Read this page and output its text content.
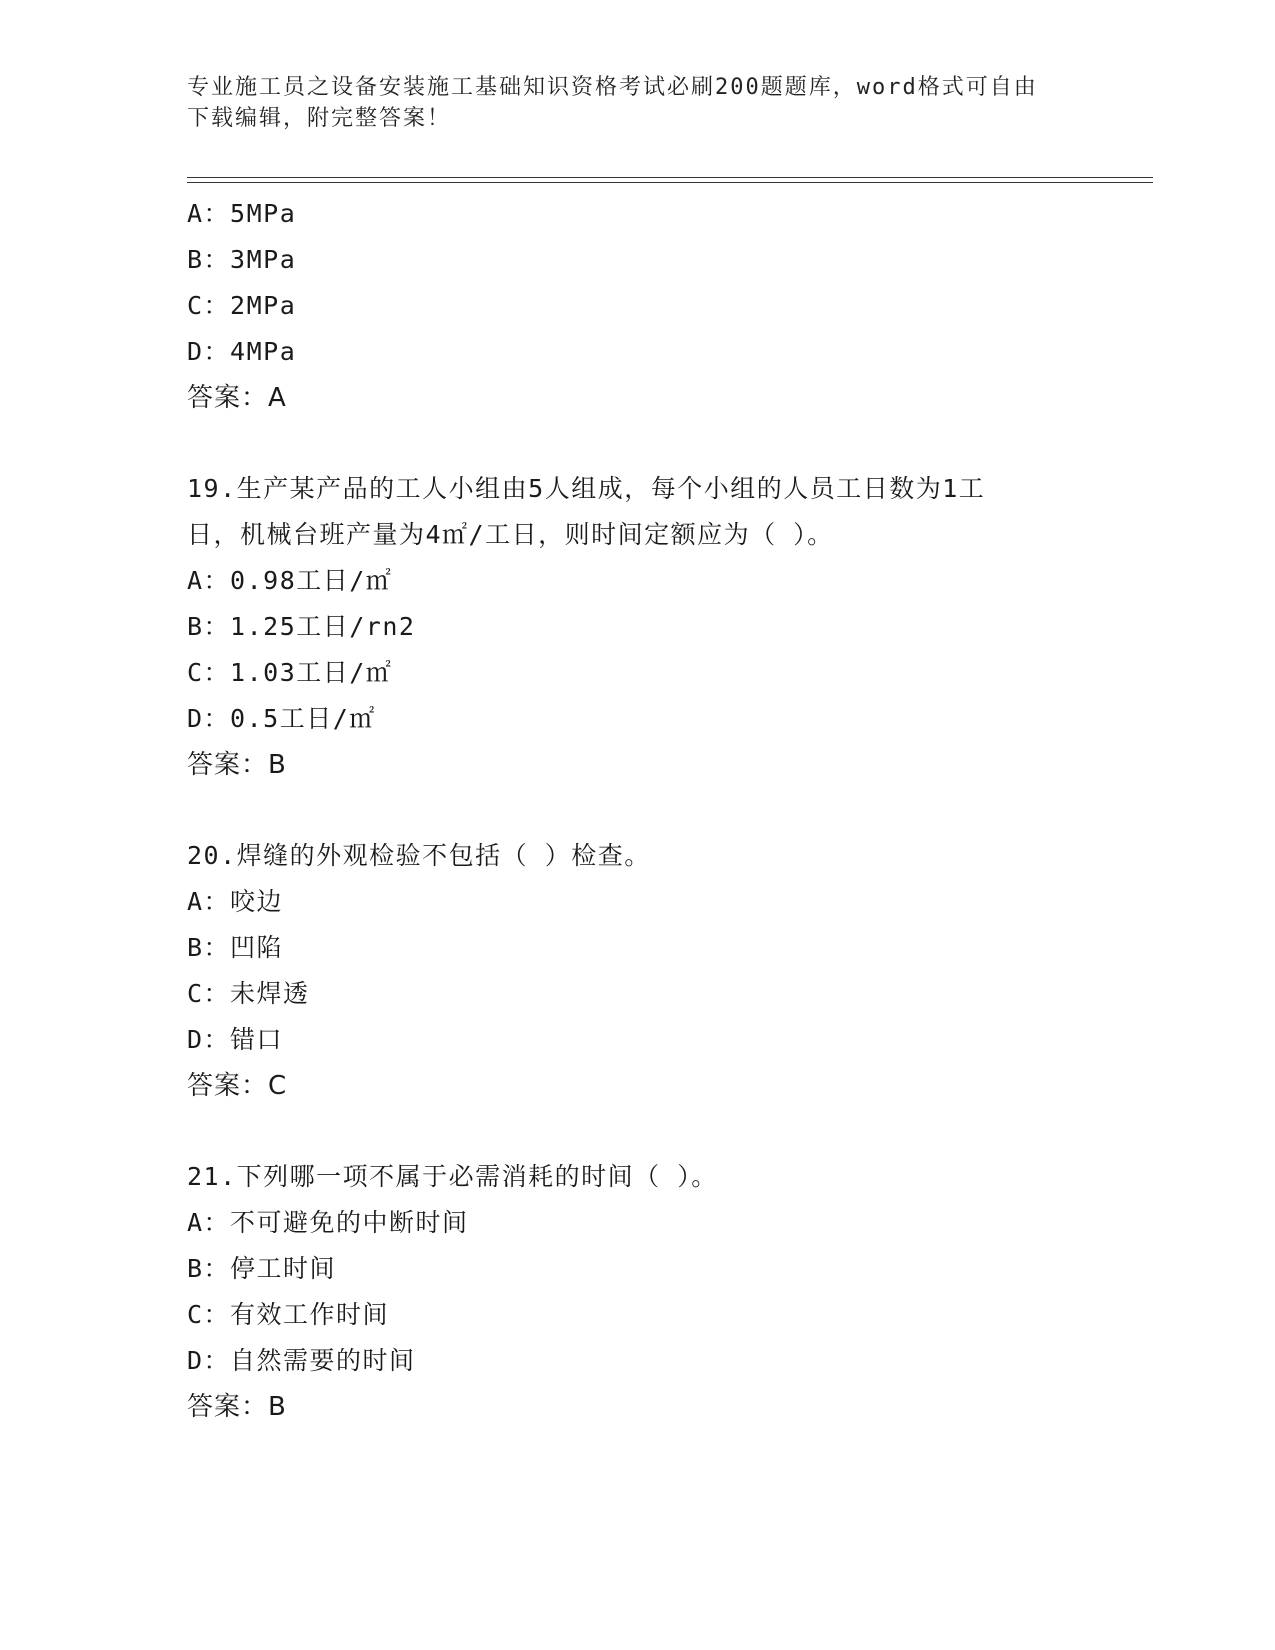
专业施工员之设备安装施工基础知识资格考试必刷200题题库，word格式可自由
下载编辑，附完整答案！
A：5MPa
B：3MPa
C：2MPa
D：4MPa
答案：A
19.生产某产品的工人小组由5人组成，每个小组的人员工日数为1工
日，机械台班产量为4㎡/工日，则时间定额应为（ ）。
A：0.98工日/㎡
B：1.25工日/rn2
C：1.03工日/㎡
D：0.5工日/㎡
答案：B
20.焊缝的外观检验不包括（ ）检查。
A：咬边
B：凹陷
C：未焊透
D：错口
答案：C
21.下列哪一项不属于必需消耗的时间（ ）。
A：不可避免的中断时间
B：停工时间
C：有效工作时间
D：自然需要的时间
答案：B
